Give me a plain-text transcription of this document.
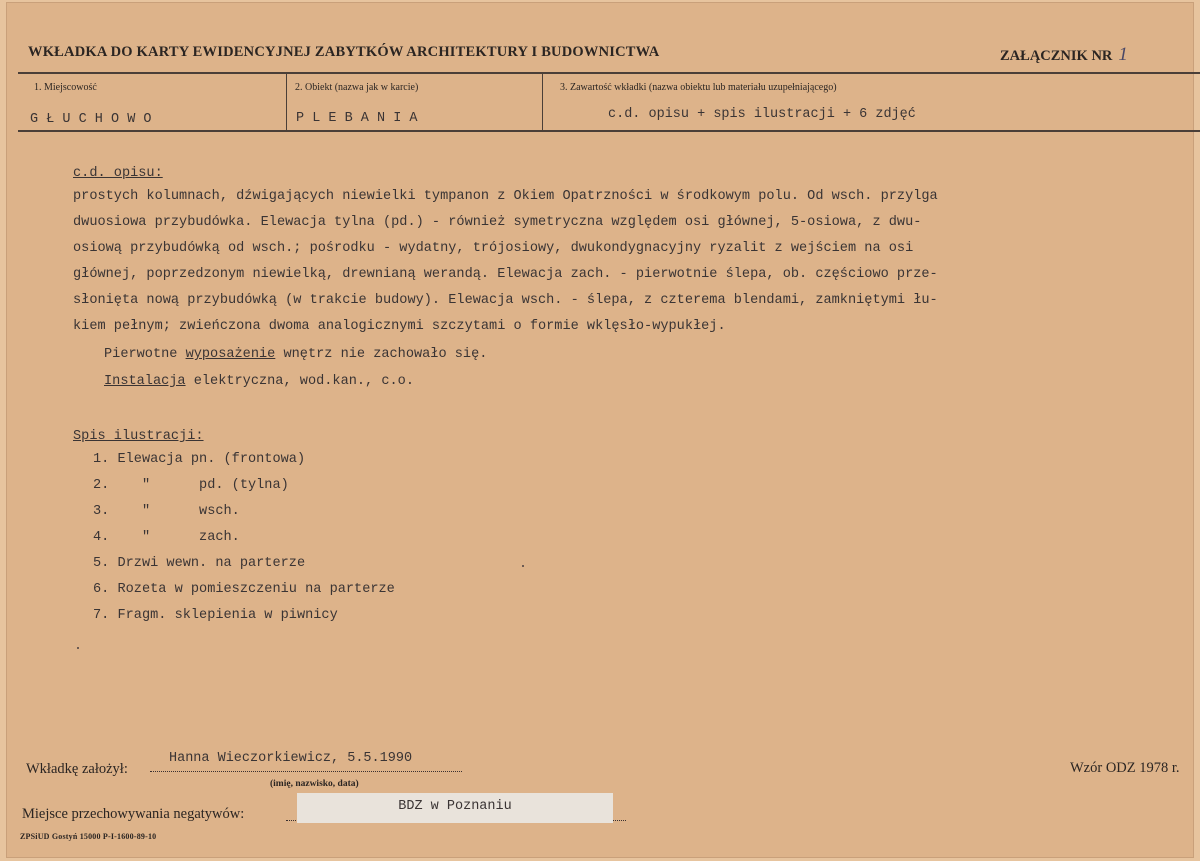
WKŁADKA DO KARTY EWIDENCYJNEJ ZABYTKÓW ARCHITEKTURY I BUDOWNICTWA	ZAŁĄCZNIK NR 1
1. Miejscowość
G Ł U C H O W O
2. Obiekt (nazwa jak w karcie)
P L E B A N I A
3. Zawartość wkładki (nazwa obiektu lub materiału uzupełniającego)
c.d. opisu + spis ilustracji + 6 zdjęć
c.d. opisu:
prostych kolumnach, dźwigających niewielki tympanon z Okiem Opatrzności w środkowym polu. Od wsch. przylga
dwuosiowa przybudówka. Elewacja tylna (pd.) - również symetryczna względem osi głównej, 5-osiowa, z dwu-
osiową przybudówką od wsch.; pośrodku - wydatny, trójosiowy, dwukondygnacyjny ryzalit z wejściem na osi
głównej, poprzedzonym niewielką, drewnianą werandą. Elewacja zach. - pierwotnie ślepa, ob. częściowo prze-
słonięta nową przybudówką (w trakcie budowy). Elewacja wsch. - ślepa, z czterema blendami, zamkniętymi łu-
kiem pełnym; zwieńczona dwoma analogicznymi szczytami o formie wklęsło-wypukłej.
Pierwotne wyposażenie wnętrz nie zachowało się.
Instalacja elektryczna, wod.kan., c.o.
Spis ilustracji:
1. Elewacja pn. (frontowa)
2.    "      pd. (tylna)
3.    "      wsch.
4.    "      zach.
5. Drzwi wewn. na parterze
6. Rozeta w pomieszczeniu na parterze
7. Fragm. sklepienia w piwnicy
Wkładkę założył:
Hanna Wieczorkiewicz, 5.5.1990
(imię, nazwisko, data)
Wzór ODZ 1978 r.
Miejsce przechowywania negatywów:	BDZ w Poznaniu
ZPSiUD Gostyń 15000 P-I-1600-89-10
